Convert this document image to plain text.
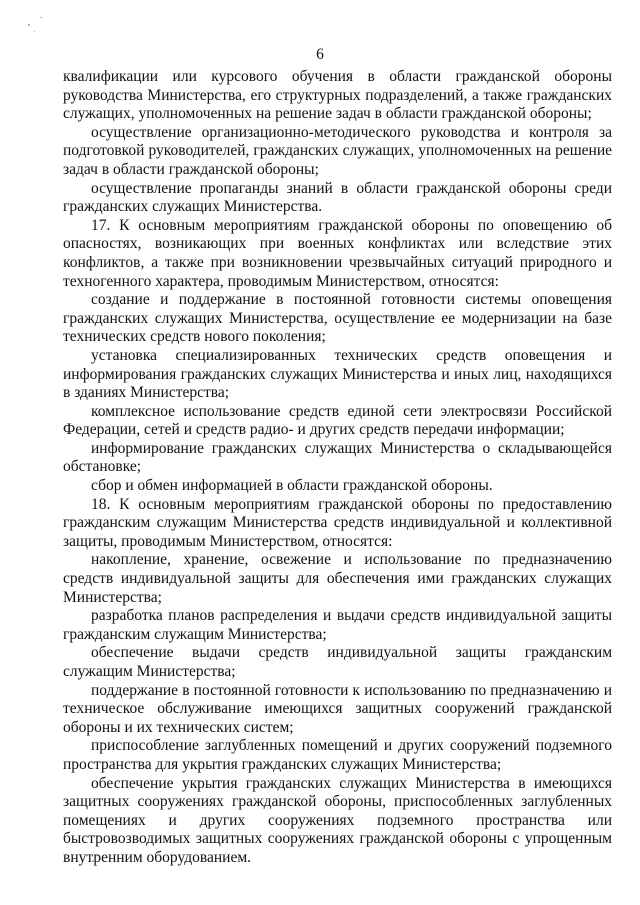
6

квалификации или курсового обучения в области гражданской обороны руководства Министерства, его структурных подразделений, а также гражданских служащих, уполномоченных на решение задач в области гражданской обороны;

осуществление организационно-методического руководства и контроля за подготовкой руководителей, гражданских служащих, уполномоченных на решение задач в области гражданской обороны;

осуществление пропаганды знаний в области гражданской обороны среди гражданских служащих Министерства.

17. К основным мероприятиям гражданской обороны по оповещению об опасностях, возникающих при военных конфликтах или вследствие этих конфликтов, а также при возникновении чрезвычайных ситуаций природного и техногенного характера, проводимым Министерством, относятся:

создание и поддержание в постоянной готовности системы оповещения гражданских служащих Министерства, осуществление ее модернизации на базе технических средств нового поколения;

установка специализированных технических средств оповещения и информирования гражданских служащих Министерства и иных лиц, находящихся в зданиях Министерства;

комплексное использование средств единой сети электросвязи Российской Федерации, сетей и средств радио- и других средств передачи информации;

информирование гражданских служащих Министерства о складывающейся обстановке;

сбор и обмен информацией в области гражданской обороны.

18. К основным мероприятиям гражданской обороны по предоставлению гражданским служащим Министерства средств индивидуальной и коллективной защиты, проводимым Министерством, относятся:

накопление, хранение, освежение и использование по предназначению средств индивидуальной защиты для обеспечения ими гражданских служащих Министерства;

разработка планов распределения и выдачи средств индивидуальной защиты гражданским служащим Министерства;

обеспечение выдачи средств индивидуальной защиты гражданским служащим Министерства;

поддержание в постоянной готовности к использованию по предназначению и техническое обслуживание имеющихся защитных сооружений гражданской обороны и их технических систем;

приспособление заглубленных помещений и других сооружений подземного пространства для укрытия гражданских служащих Министерства;

обеспечение укрытия гражданских служащих Министерства в имеющихся защитных сооружениях гражданской обороны, приспособленных заглубленных помещениях и других сооружениях подземного пространства или быстровозводимых защитных сооружениях гражданской обороны с упрощенным внутренним оборудованием.
